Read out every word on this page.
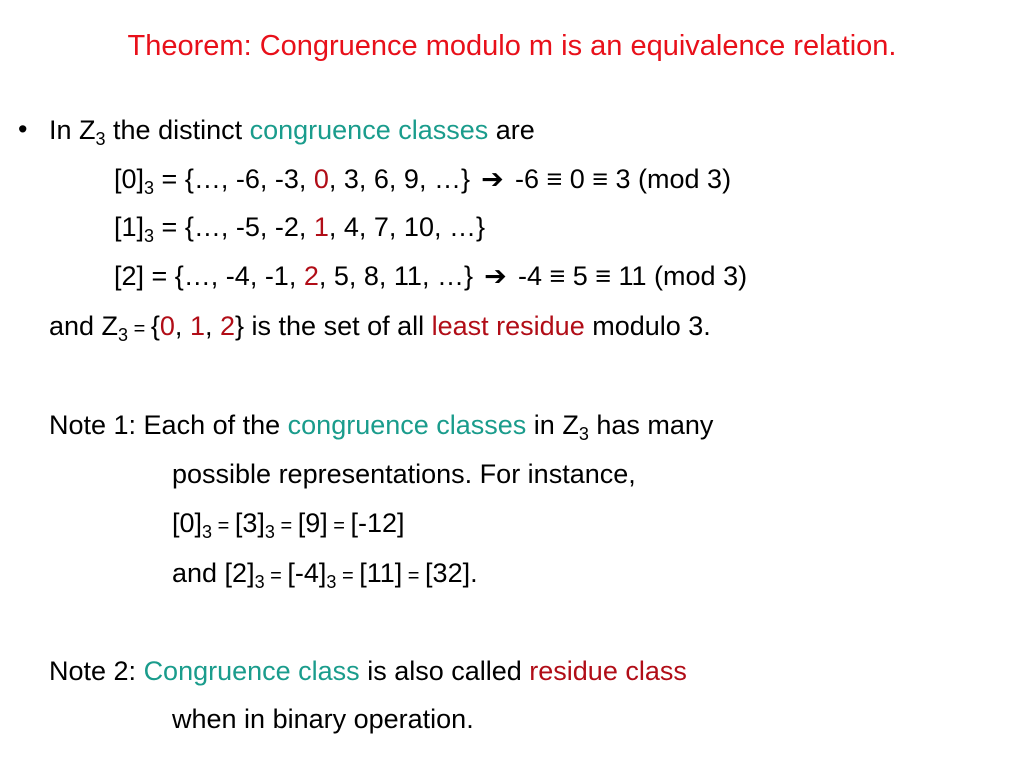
Theorem: Congruence modulo m is an equivalence relation.
• In $Z_3$ the distinct congruence classes are
$[0]_3$ = {…, -6, -3, 0, 3, 6, 9, …} ➔ -6 ≡ 0 ≡ 3 (mod 3)
$[1]_3$ = {…, -5, -2, 1, 4, 7, 10, …}
[2] = {…, -4, -1, 2, 5, 8, 11, …} ➔ -4 ≡ 5 ≡ 11 (mod 3)
and $Z_3 = \{0$, 1, 2} is the set of all least residue modulo 3.
Note 1: Each of the congruence classes in $Z_3$ has many
possible representations. For instance,
$[0]_3 = [3]_3 = [9] = [-12]$
and $[2]_3 = [-4]_3 = [11] = [32]$.
Note 2: Congruence class is also called residue class
when in binary operation.
